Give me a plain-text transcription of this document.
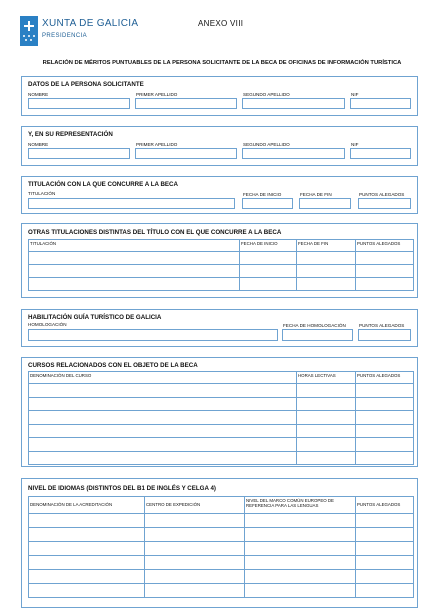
XUNTA DE GALICIA
PRESIDENCIA
ANEXO VIII
RELACIÓN DE MÉRITOS PUNTUABLES DE LA PERSONA SOLICITANTE DE LA BECA DE OFICINAS DE INFORMACIÓN TURÍSTICA
DATOS DE LA PERSONA SOLICITANTE
NOMBRE	PRIMER APELLIDO	SEGUNDO APELLIDO	NIF
Y, EN SU REPRESENTACIÓN
NOMBRE	PRIMER APELLIDO	SEGUNDO APELLIDO	NIF
TITULACIÓN CON LA QUE CONCURRE A LA BECA
TITULACIÓN	FECHA DE INICIO	FECHA DE FIN	PUNTOS ALEGADOS
OTRAS TITULACIONES DISTINTAS DEL TÍTULO CON EL QUE CONCURRE A LA BECA
TITULACIÓN	FECHA DE INICIO	FECHA DE FIN	PUNTOS ALEGADOS

HABILITACIÓN GUÍA TURÍSTICO DE GALICIA
HOMOLOGACIÓN	FECHA DE HOMOLOGACIÓN	PUNTOS ALEGADOS
CURSOS RELACIONADOS CON EL OBJETO DE LA BECA
DENOMINACIÓN DEL CURSO	HORAS LECTIVAS	PUNTOS ALEGADOS

NIVEL DE IDIOMAS (DISTINTOS DEL B1 DE INGLÉS Y CELGA 4)
DENOMINACIÓN DE LA ACREDITACIÓN	CENTRO DE EXPEDICIÓN	NIVEL DEL MARCO COMÚN EUROPEO DE REFERENCIA PARA LAS LENGUAS	PUNTOS ALEGADOS
